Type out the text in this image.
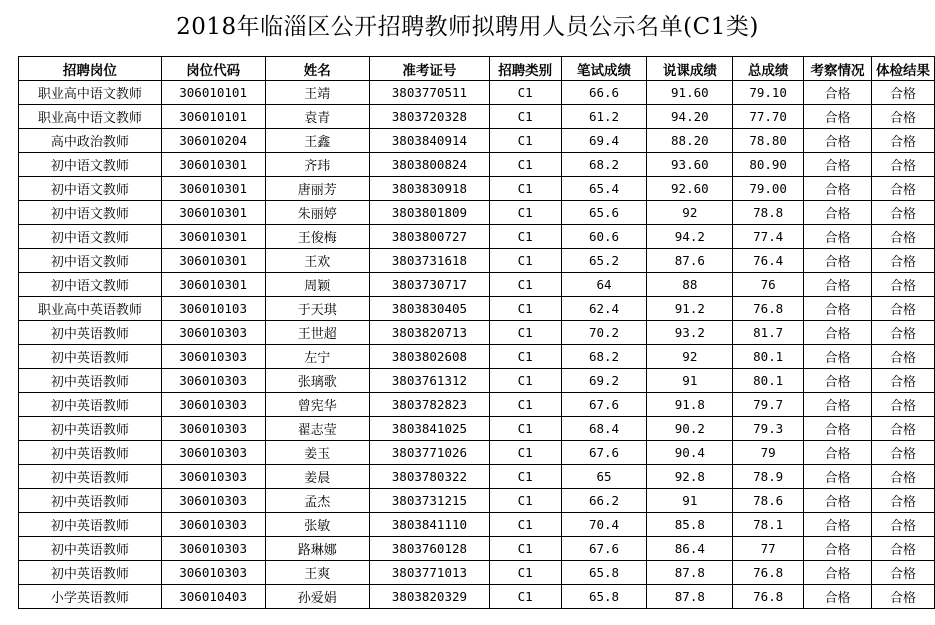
2018年临淄区公开招聘教师拟聘用人员公示名单(C1类)
招聘岗位	岗位代码	姓名	准考证号	招聘类别	笔试成绩	说课成绩	总成绩	考察情况	体检结果
职业高中语文教师	306010101	王靖	3803770511	C1	66.6	91.60	79.10	合格	合格
职业高中语文教师	306010101	袁青	3803720328	C1	61.2	94.20	77.70	合格	合格
高中政治教师	306010204	王鑫	3803840914	C1	69.4	88.20	78.80	合格	合格
初中语文教师	306010301	齐玮	3803800824	C1	68.2	93.60	80.90	合格	合格
初中语文教师	306010301	唐丽芳	3803830918	C1	65.4	92.60	79.00	合格	合格
初中语文教师	306010301	朱丽婷	3803801809	C1	65.6	92	78.8	合格	合格
初中语文教师	306010301	王俊梅	3803800727	C1	60.6	94.2	77.4	合格	合格
初中语文教师	306010301	王欢	3803731618	C1	65.2	87.6	76.4	合格	合格
初中语文教师	306010301	周颖	3803730717	C1	64	88	76	合格	合格
职业高中英语教师	306010103	于天琪	3803830405	C1	62.4	91.2	76.8	合格	合格
初中英语教师	306010303	王世超	3803820713	C1	70.2	93.2	81.7	合格	合格
初中英语教师	306010303	左宁	3803802608	C1	68.2	92	80.1	合格	合格
初中英语教师	306010303	张璃歌	3803761312	C1	69.2	91	80.1	合格	合格
初中英语教师	306010303	曾宪华	3803782823	C1	67.6	91.8	79.7	合格	合格
初中英语教师	306010303	翟志莹	3803841025	C1	68.4	90.2	79.3	合格	合格
初中英语教师	306010303	姜玉	3803771026	C1	67.6	90.4	79	合格	合格
初中英语教师	306010303	姜晨	3803780322	C1	65	92.8	78.9	合格	合格
初中英语教师	306010303	孟杰	3803731215	C1	66.2	91	78.6	合格	合格
初中英语教师	306010303	张敏	3803841110	C1	70.4	85.8	78.1	合格	合格
初中英语教师	306010303	路琳娜	3803760128	C1	67.6	86.4	77	合格	合格
初中英语教师	306010303	王爽	3803771013	C1	65.8	87.8	76.8	合格	合格
小学英语教师	306010403	孙爱娟	3803820329	C1	65.8	87.8	76.8	合格	合格
